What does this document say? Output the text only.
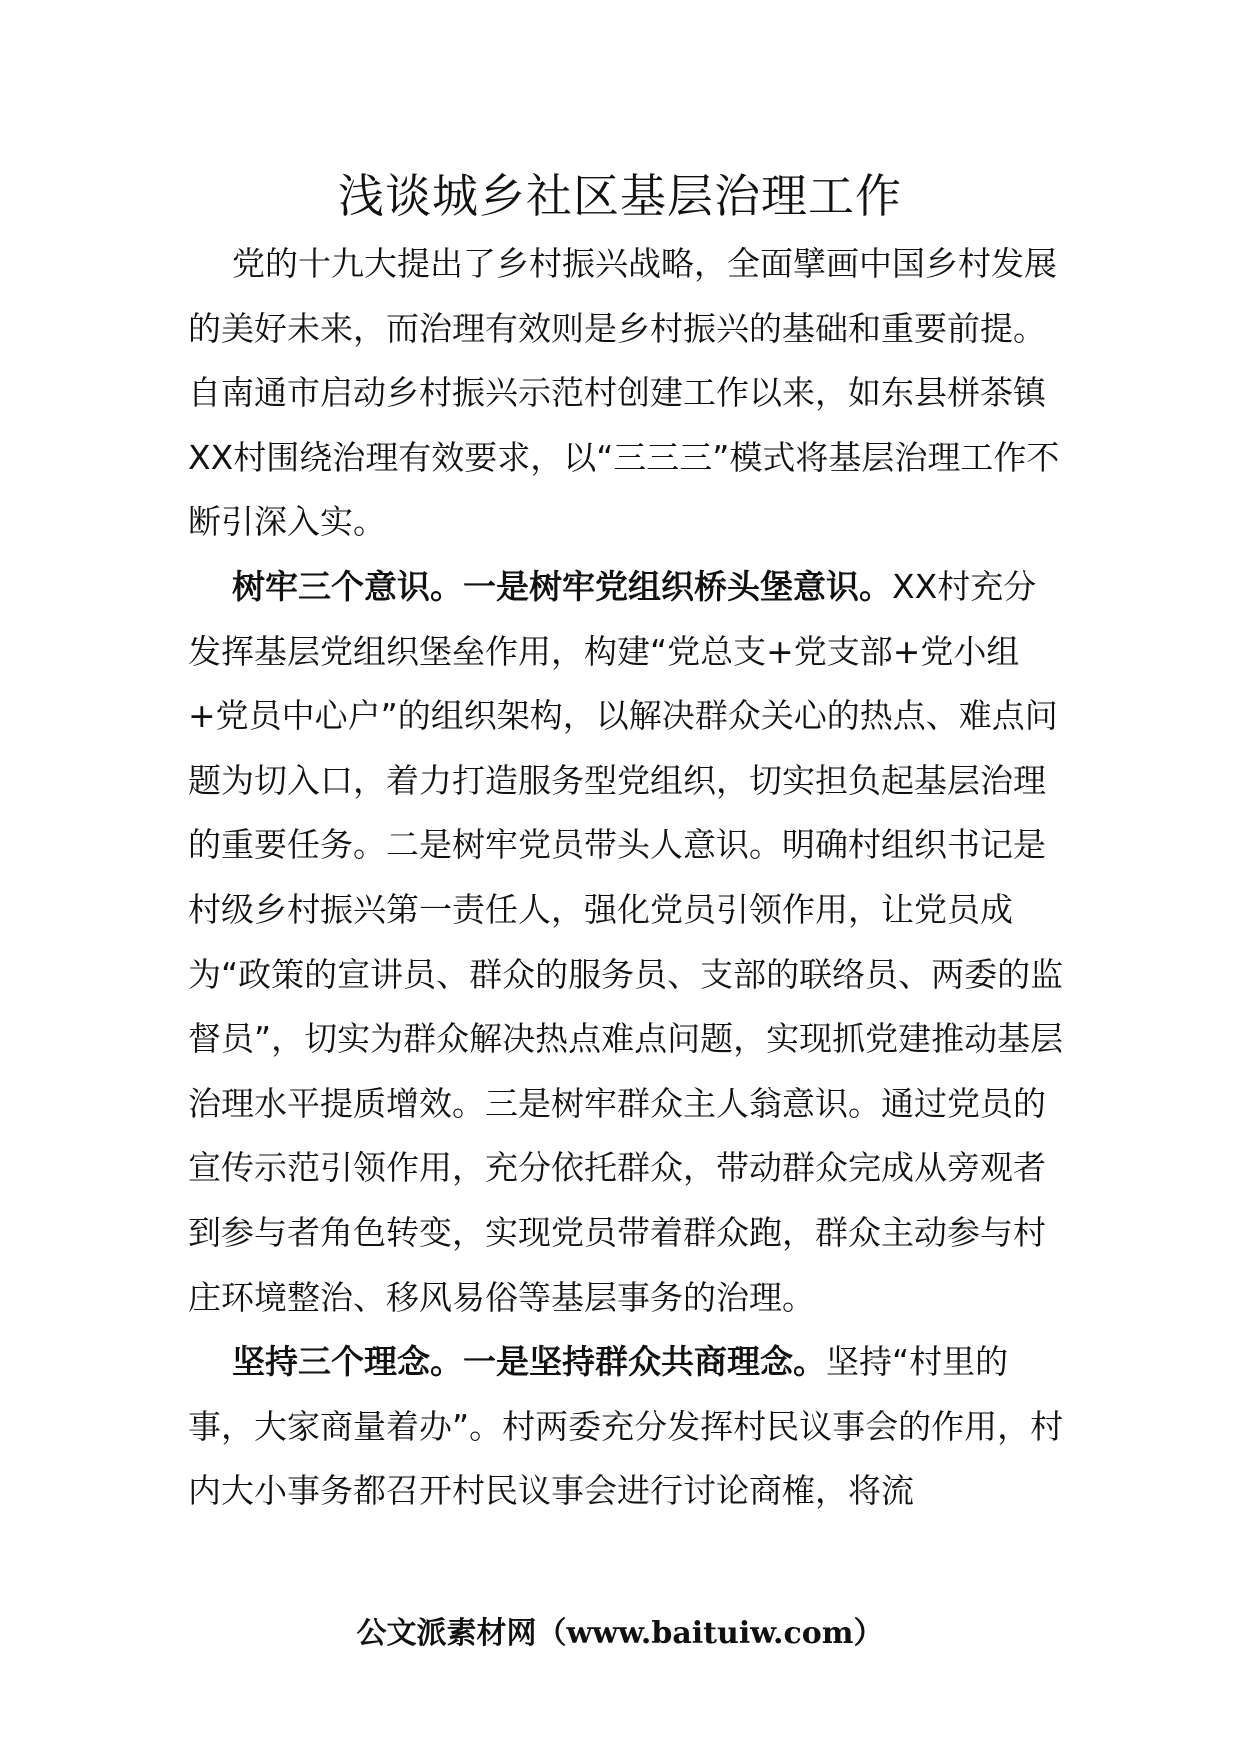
浅谈城乡社区基层治理工作

党的十九大提出了乡村振兴战略，全面擘画中国乡村发展的美好未来，而治理有效则是乡村振兴的基础和重要前提。自南通市启动乡村振兴示范村创建工作以来，如东县栟茶镇XX村围绕治理有效要求，以“三三三”模式将基层治理工作不断引深入实。

树牢三个意识。一是树牢党组织桥头堡意识。XX村充分发挥基层党组织堡垒作用，构建“党总支+党支部+党小组+党员中心户”的组织架构，以解决群众关心的热点、难点问题为切入口，着力打造服务型党组织，切实担负起基层治理的重要任务。二是树牢党员带头人意识。明确村组织书记是村级乡村振兴第一责任人，强化党员引领作用，让党员成为“政策的宣讲员、群众的服务员、支部的联络员、两委的监督员”，切实为群众解决热点难点问题，实现抓党建推动基层治理水平提质增效。三是树牢群众主人翁意识。通过党员的宣传示范引领作用，充分依托群众，带动群众完成从旁观者到参与者角色转变，实现党员带着群众跑，群众主动参与村庄环境整治、移风易俗等基层事务的治理。

坚持三个理念。一是坚持群众共商理念。坚持“村里的事，大家商量着办”。村两委充分发挥村民议事会的作用，村内大小事务都召开村民议事会进行讨论商榷，将流

公文派素材网（www.baituiw.com）
